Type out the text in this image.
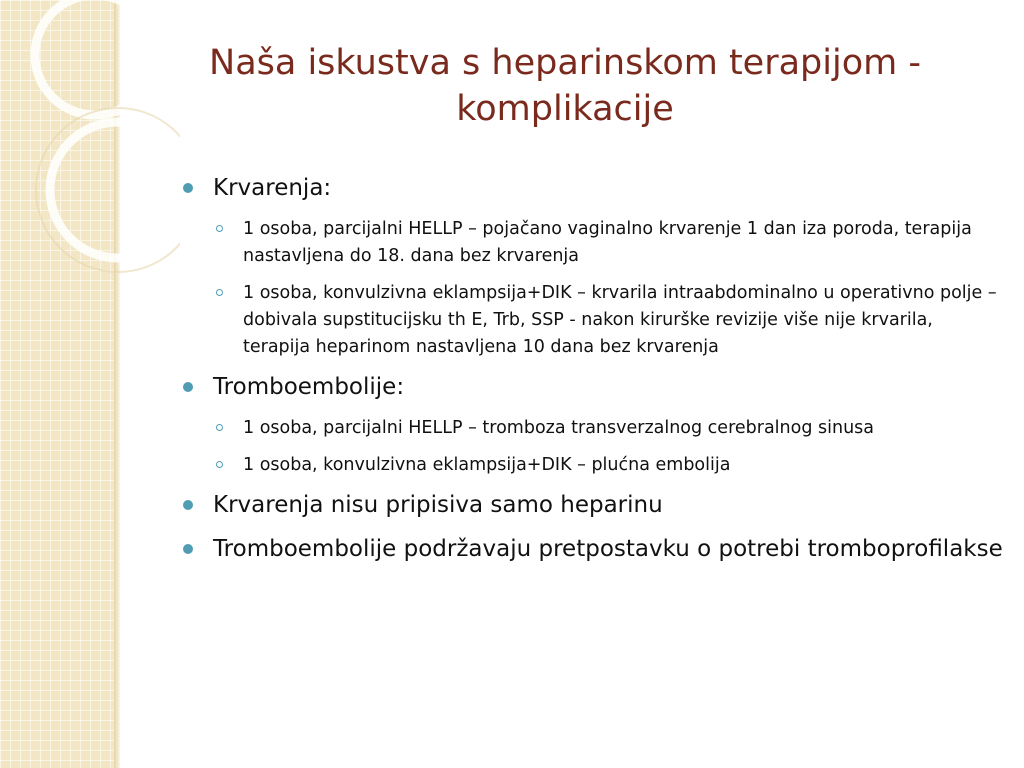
Naša iskustva s heparinskom terapijom - komplikacije
Krvarenja:
1 osoba, parcijalni HELLP – pojačano vaginalno krvarenje 1 dan iza poroda, terapija nastavljena do 18. dana bez krvarenja
1 osoba, konvulzivna eklampsija+DIK – krvarila intraabdominalno u operativno polje – dobivala supstitucijsku th E, Trb, SSP - nakon kirurške revizije više nije krvarila, terapija heparinom nastavljena 10 dana bez krvarenja
Tromboembolije:
1 osoba, parcijalni HELLP – tromboza transverzalnog cerebralnog sinusa
1 osoba, konvulzivna eklampsija+DIK – plućna embolija
Krvarenja nisu pripisiva samo heparinu
Tromboembolije podržavaju pretpostavku o potrebi tromboprofilakse
